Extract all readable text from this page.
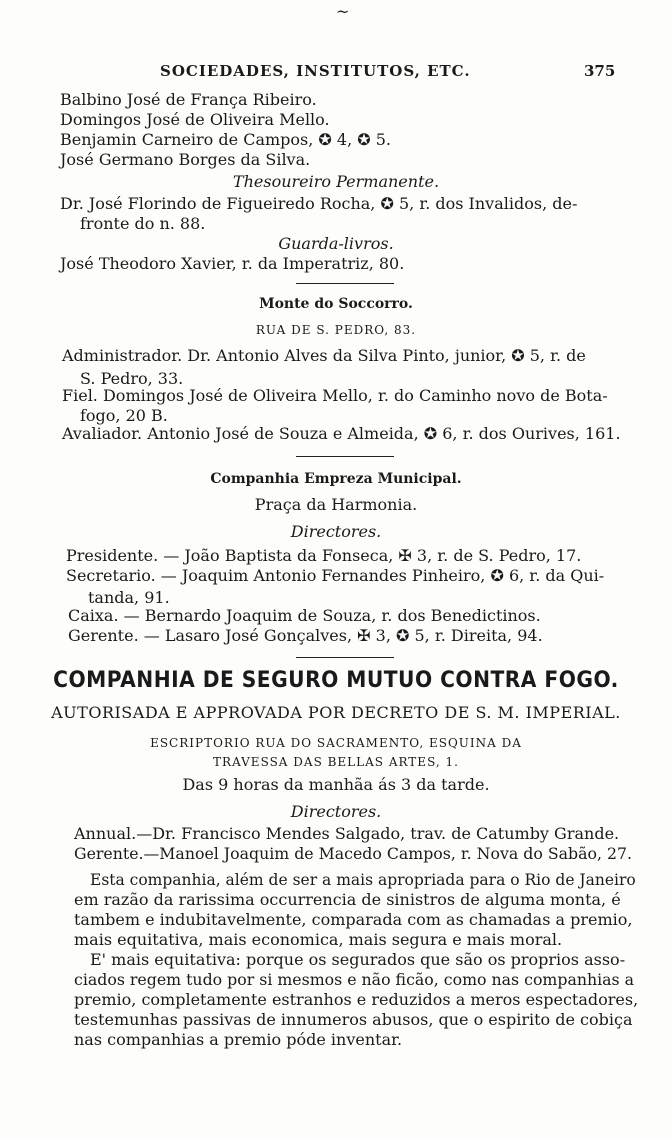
~
SOCIEDADES, INSTITUTOS, ETC.	375
Balbino José de França Ribeiro.
Domingos José de Oliveira Mello.
Benjamin Carneiro de Campos, ✪ 4, ✪ 5.
José Germano Borges da Silva.
Thesoureiro Permanente.
Dr. José Florindo de Figueiredo Rocha, ✪ 5, r. dos Invalidos, de-
fronte do n. 88.
Guarda-livros.
José Theodoro Xavier, r. da Imperatriz, 80.
Monte do Soccorro.
RUA DE S. PEDRO, 83.
Administrador. Dr. Antonio Alves da Silva Pinto, junior, ✪ 5, r. de
S. Pedro, 33.
Fiel. Domingos José de Oliveira Mello, r. do Caminho novo de Bota-
fogo, 20 B.
Avaliador. Antonio José de Souza e Almeida, ✪ 6, r. dos Ourives, 161.
Companhia Empreza Municipal.
Praça da Harmonia.
Directores.
Presidente. — João Baptista da Fonseca, ✠ 3, r. de S. Pedro, 17.
Secretario. — Joaquim Antonio Fernandes Pinheiro, ✪ 6, r. da Qui-
tanda, 91.
Caixa. — Bernardo Joaquim de Souza, r. dos Benedictinos.
Gerente. — Lasaro José Gonçalves, ✠ 3, ✪ 5, r. Direita, 94.
COMPANHIA DE SEGURO MUTUO CONTRA FOGO.
AUTORISADA E APPROVADA POR DECRETO DE S. M. IMPERIAL.
ESCRIPTORIO RUA DO SACRAMENTO, ESQUINA DA
TRAVESSA DAS BELLAS ARTES, 1.
Das 9 horas da manhãa ás 3 da tarde.
Directores.
Annual.—Dr. Francisco Mendes Salgado, trav. de Catumby Grande.
Gerente.—Manoel Joaquim de Macedo Campos, r. Nova do Sabão, 27.
Esta companhia, além de ser a mais apropriada para o Rio de Janeiro
em razão da rarissima occurrencia de sinistros de alguma monta, é
tambem e indubitavelmente, comparada com as chamadas a premio,
mais equitativa, mais economica, mais segura e mais moral.
E' mais equitativa: porque os segurados que são os proprios asso-
ciados regem tudo por si mesmos e não ficão, como nas companhias a
premio, completamente estranhos e reduzidos a meros espectadores,
testemunhas passivas de innumeros abusos, que o espirito de cobiça
nas companhias a premio póde inventar.
